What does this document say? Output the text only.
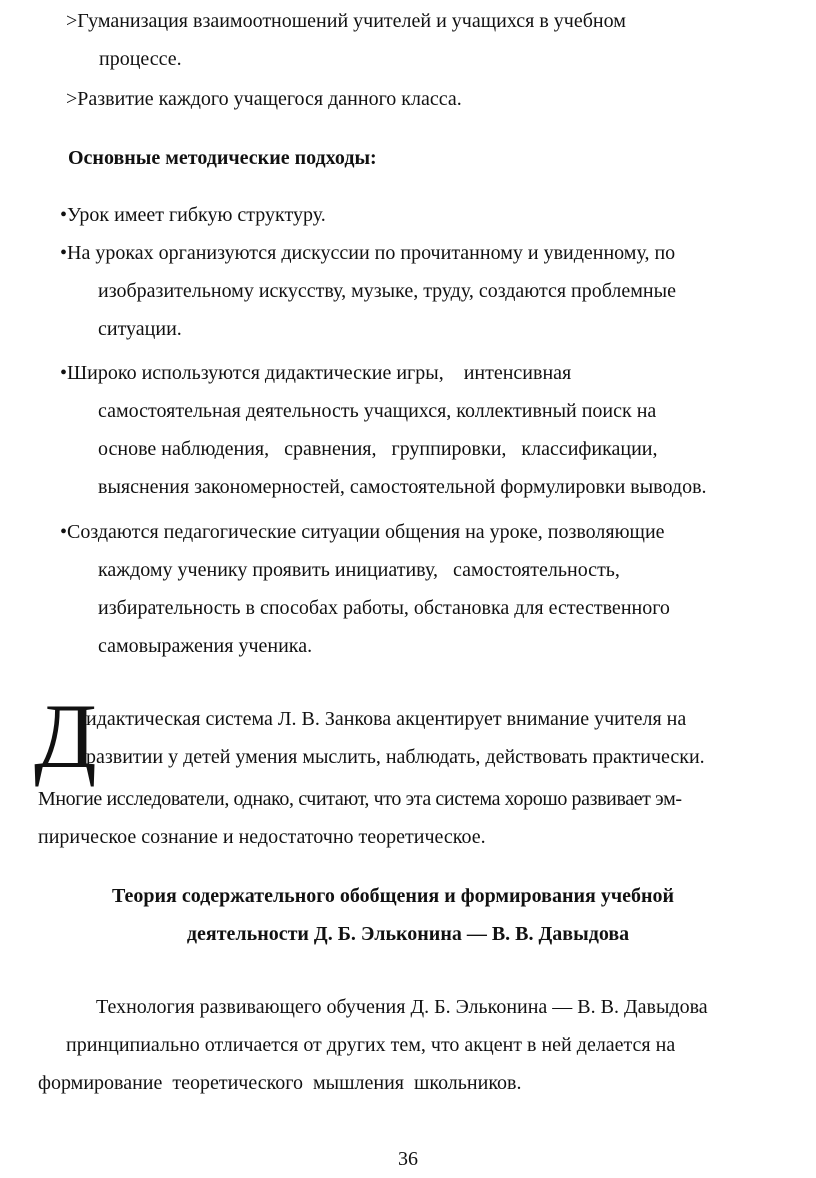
>Гуманизация взаимоотношений учителей и учащихся в учебном
процессе.
>Развитие каждого учащегося данного класса.
Основные методические подходы:
•Урок имеет гибкую структуру.
•На уроках организуются дискуссии по прочитанному и увиденному, по
изобразительному искусству, музыке, труду, создаются проблемные
ситуации.
•Широко используются дидактические игры,    интенсивная
самостоятельная деятельность учащихся, коллективный поиск на
основе наблюдения,   сравнения,   группировки,   классификации,
выяснения закономерностей, самостоятельной формулировки выводов.
•Создаются педагогические ситуации общения на уроке, позволяющие
каждому ученику проявить инициативу,   самостоятельность,
избирательность в способах работы, обстановка для естественного
самовыражения ученика.
Д
идактическая система Л. В. Занкова акцентирует внимание учителя на
развитии у детей умения мыслить, наблюдать, действовать практически.
Многие исследователи, однако, считают, что эта система хорошо развивает эм-
пирическое сознание и недостаточно теоретическое.
Теория содержательного обобщения и формирования учебной
деятельности Д. Б. Эльконина — В. В. Давыдова
Технология развивающего обучения Д. Б. Эльконина — В. В. Давыдова
принципиально отличается от других тем, что акцент в ней делается на
формирование  теоретического  мышления  школьников.
36
